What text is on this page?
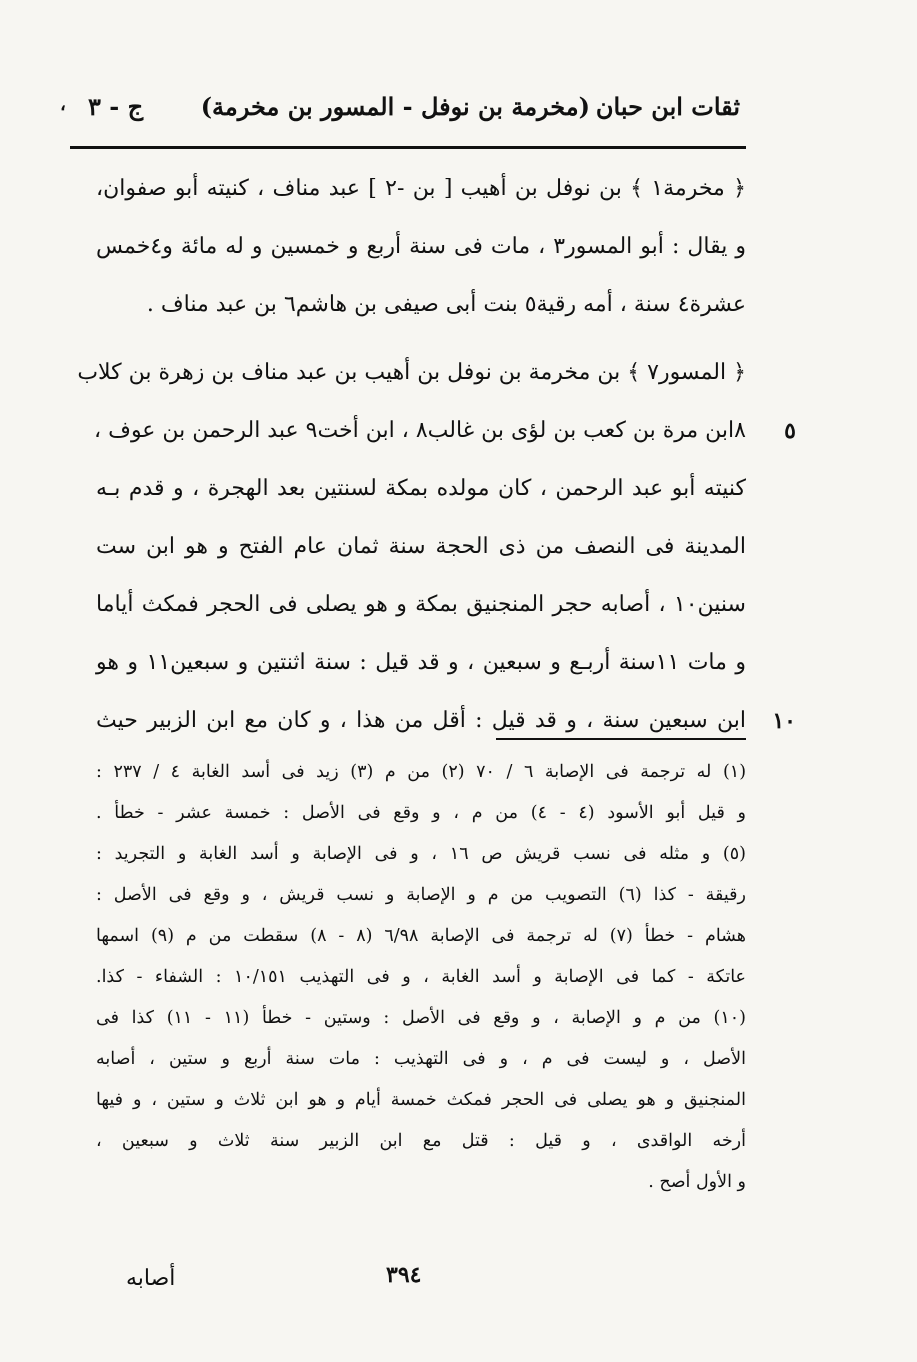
ثقات ابن حبان
(مخرمة بن نوفل - المسور بن مخرمة)
ج - ٣
،
﴿ مخرمة١ ﴾ بن نوفل بن أهيب [ بن -٢ ] عبد مناف ، كنيته أبو صفوان،
و يقال : أبو المسور٣ ، مات فى سنة أربع و خمسين و له مائة و٤خمس
عشرة٤ سنة ، أمه رقية٥ بنت أبى صيفى بن هاشم٦ بن عبد مناف .
﴿ المسور٧ ﴾ بن مخرمة بن نوفل بن أهيب بن عبد مناف بن زهرة بن كلاب
٥
٨ابن مرة بن كعب بن لؤى بن غالب٨ ، ابن أخت٩ عبد الرحمن بن عوف ،
كنيته أبو عبد الرحمن ، كان مولده بمكة لسنتين بعد الهجرة ، و قدم بـه
المدينة فى النصف من ذى الحجة سنة ثمان عام الفتح و هو ابن ست
سنين١٠ ، أصابه حجر المنجنيق بمكة و هو يصلى فى الحجر فمكث أياما
و مات ١١سنة أربـع و سبعين ، و قد قيل : سنة اثنتين و سبعين١١ و هو
١٠
ابن سبعين سنة ، و قد قيل : أقل من هذا ، و كان مع ابن الزبير حيث
(١) له ترجمة فى الإصابة ٦ / ٧٠ (٢) من م (٣) زيد فى أسد الغابة ٤ / ٢٣٧ :
و قيل أبو الأسود (٤ - ٤) من م ، و وقع فى الأصل : خمسة عشر - خطأ .
(٥) و مثله فى نسب قريش ص ١٦ ، و فى الإصابة و أسد الغابة و التجريد :
رقيقة - كذا (٦) التصويب من م و الإصابة و نسب قريش ، و وقع فى الأصل :
هشام - خطأ (٧) له ترجمة فى الإصابة ٦/٩٨ (٨ - ٨) سقطت من م (٩) اسمها
عاتكة - كما فى الإصابة و أسد الغابة ، و فى التهذيب ١٠/١٥١ : الشفاء - كذا.
(١٠) من م و الإصابة ، و وقع فى الأصل : وستين - خطأ (١١ - ١١) كذا فى
الأصل ، و ليست فى م ، و فى التهذيب : مات سنة أربع و ستين ، أصابه
المنجنيق و هو يصلى فى الحجر فمكث خمسة أيام و هو ابن ثلاث و ستين ، و فيها
أرخه الواقدى ، و قيل : قتل مع ابن الزبير سنة ثلاث و سبعين ،
و الأول أصح .
٣٩٤
أصابه
